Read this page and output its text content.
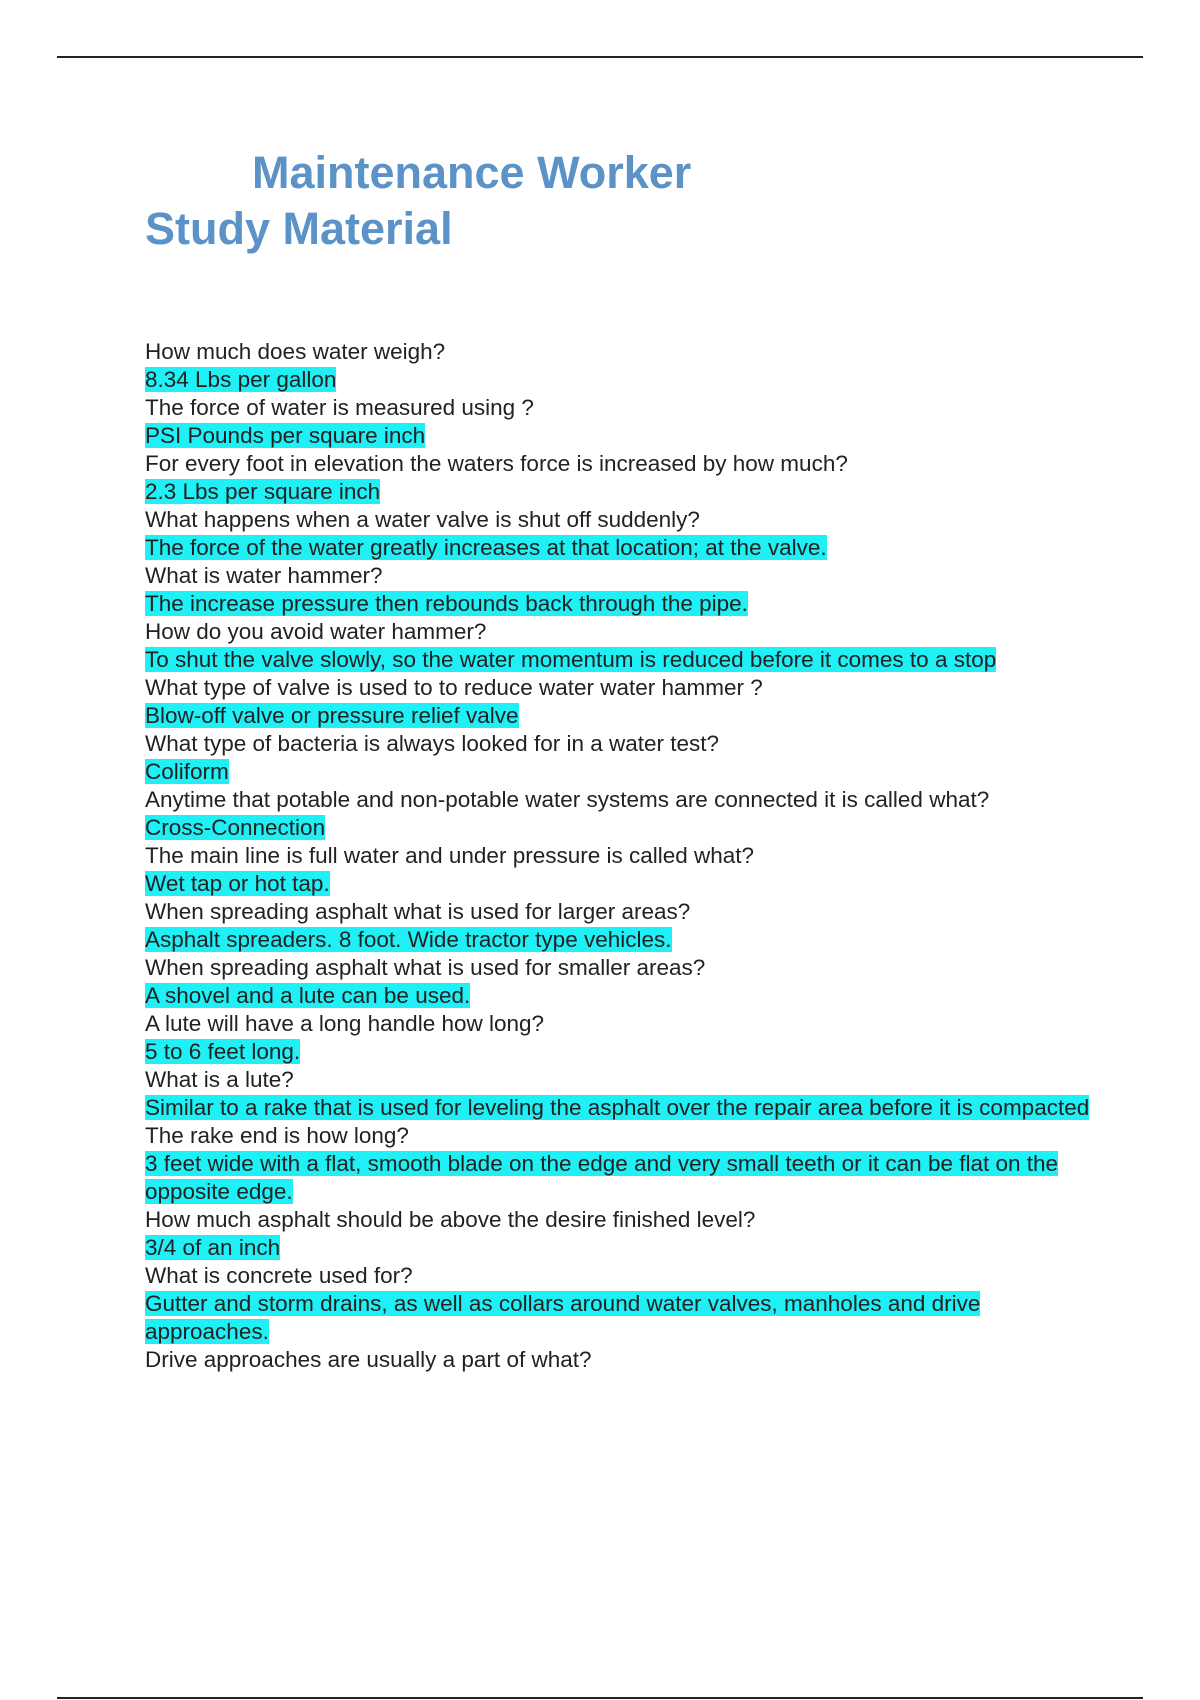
Maintenance Worker
Study Material
How much does water weigh?
8.34 Lbs per gallon
The force of water is measured using ?
PSI Pounds per square inch
For every foot in elevation the waters force is increased by how much?
2.3 Lbs per square inch
What happens when a water valve is shut off suddenly?
The force of the water greatly increases at that location; at the valve.
What is water hammer?
The increase pressure then rebounds back through the pipe.
How do you avoid water hammer?
To shut the valve slowly, so the water momentum is reduced before it comes to a stop
What type of valve is used to to reduce water water hammer ?
Blow-off valve or pressure relief valve
What type of bacteria is always looked for in a water test?
Coliform
Anytime that potable and non-potable water systems are connected it is called what?
Cross-Connection
The main line is full water and under pressure is called what?
Wet tap or hot tap.
When spreading asphalt what is used for larger areas?
Asphalt spreaders. 8 foot. Wide tractor type vehicles.
When spreading asphalt what is used for smaller areas?
A shovel and a lute can be used.
A lute will have a long handle how long?
5 to 6 feet long.
What is a lute?
Similar to a rake that is used for leveling the asphalt over the repair area before it is compacted
The rake end is how long?
3 feet wide with a flat, smooth blade on the edge and very small teeth or it can be flat on the opposite edge.
How much asphalt should be above the desire finished level?
3/4 of an inch
What is concrete used for?
Gutter and storm drains, as well as collars around water valves, manholes and drive approaches.
Drive approaches are usually a part of what?
